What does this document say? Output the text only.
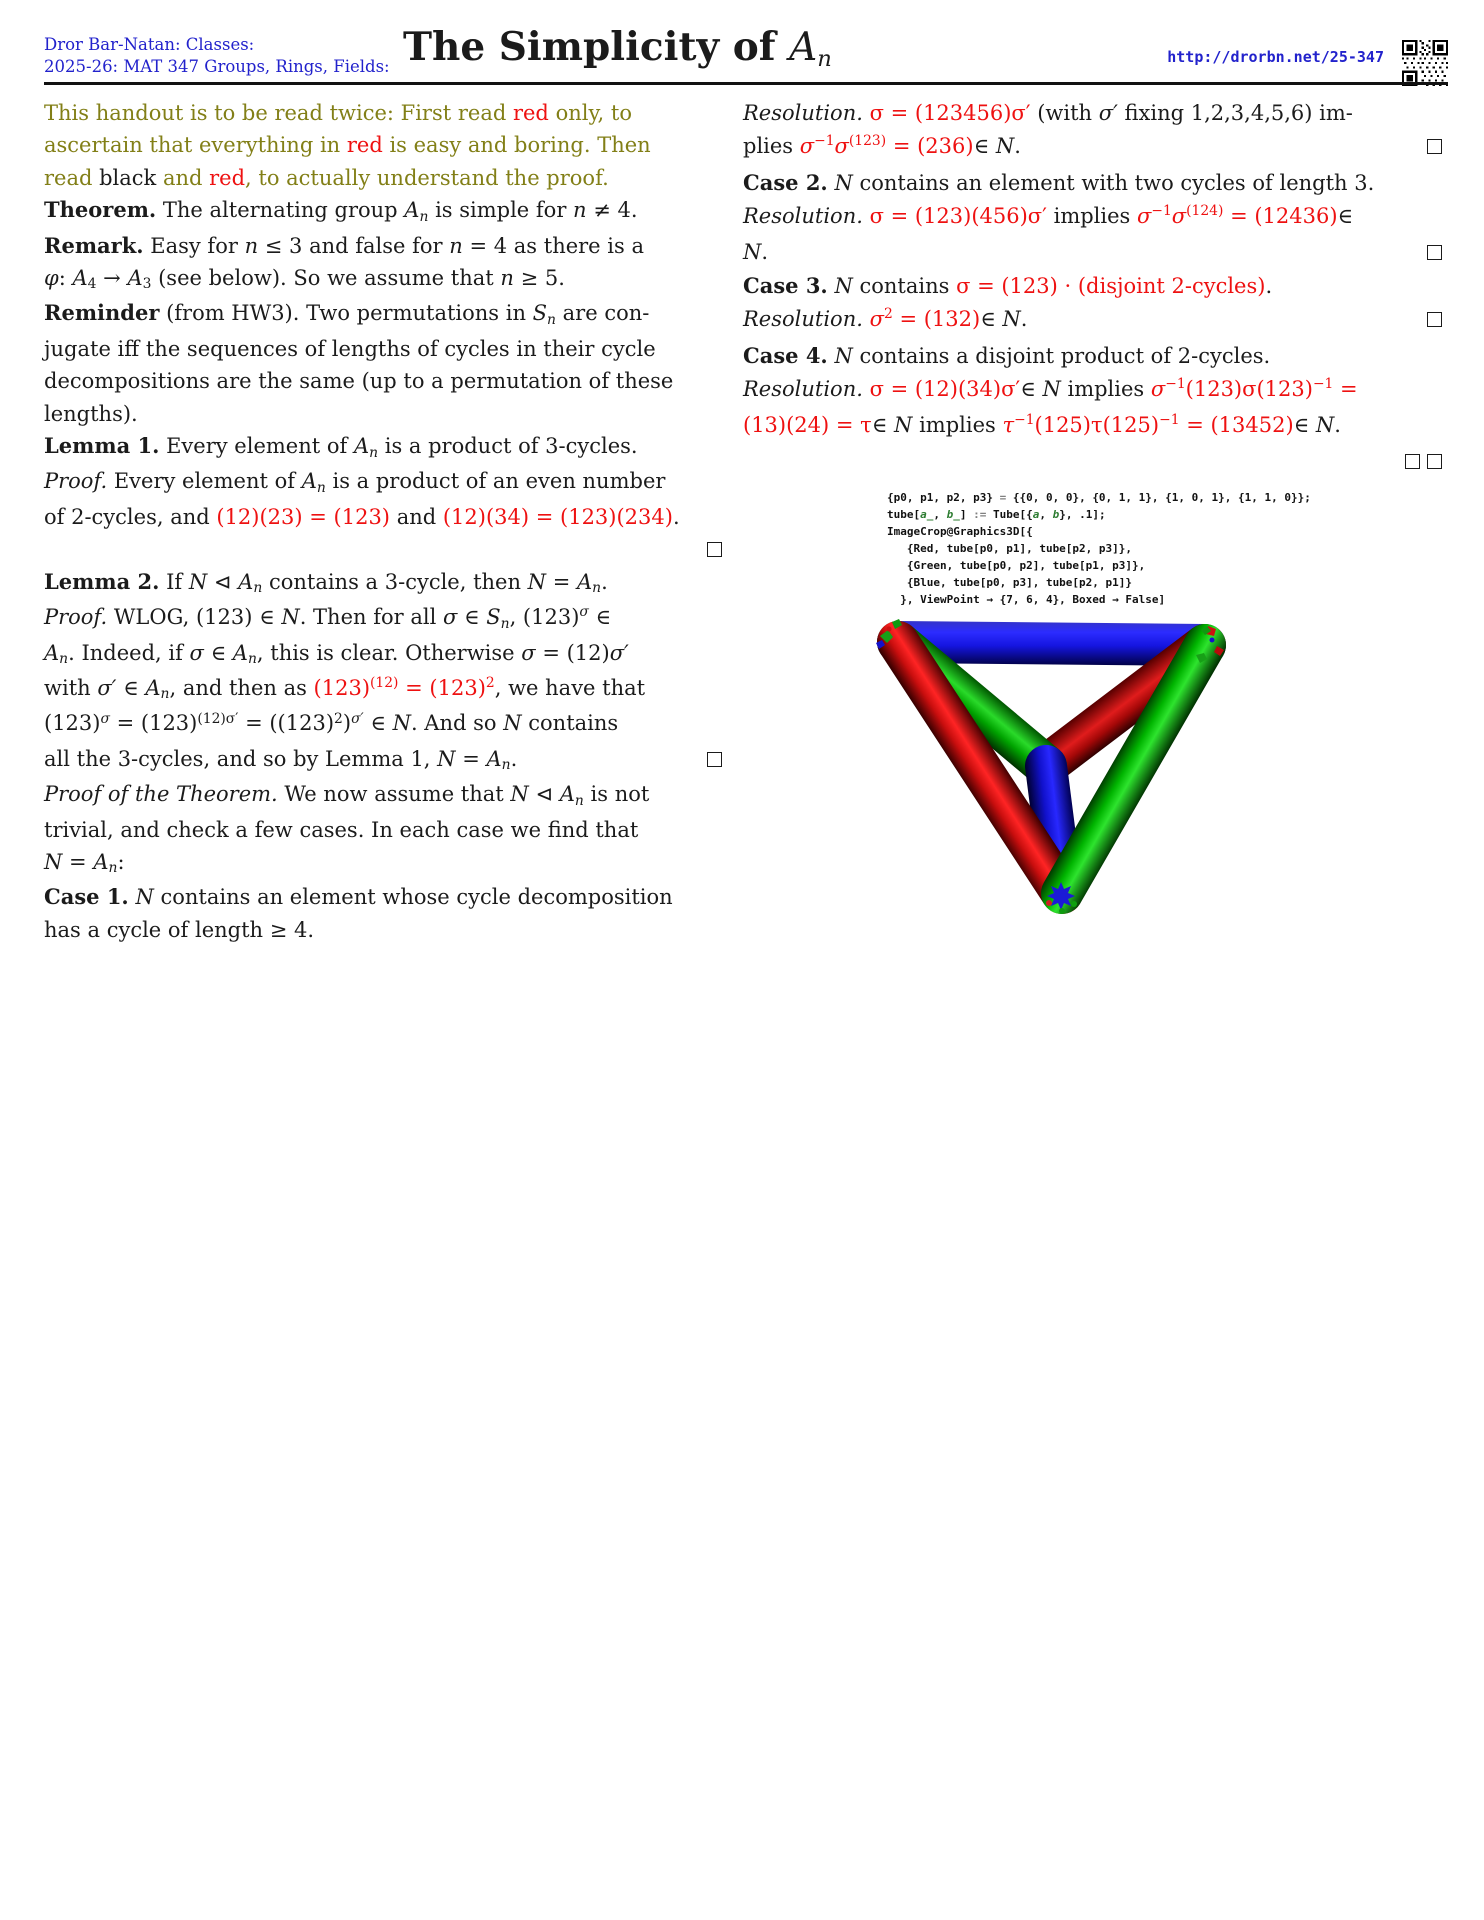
Dror Bar-Natan: Classes:
2025-26: MAT 347 Groups, Rings, Fields: The Simplicity of An	http://drorbn.net/25-347
This handout is to be read twice: First read red only, to
ascertain that everything in red is easy and boring. Then
read black and red, to actually understand the proof.
Theorem. The alternating group An is simple for n ≠ 4.
Remark. Easy for n ≤ 3 and false for n = 4 as there is a
φ: A4 → A3 (see below). So we assume that n ≥ 5.
Reminder (from HW3). Two permutations in Sn are con-
jugate iff the sequences of lengths of cycles in their cycle
decompositions are the same (up to a permutation of these
lengths).
Lemma 1. Every element of An is a product of 3-cycles.
Proof. Every element of An is a product of an even number
of 2-cycles, and (12)(23) = (123) and (12)(34) = (123)(234).

Lemma 2. If N ⊲ An contains a 3-cycle, then N = An.
Proof. WLOG, (123) ∈ N. Then for all σ ∈ Sn, $(123)^\sigma$ ∈
An. Indeed, if σ ∈ An, this is clear. Otherwise σ = (12)σ′
with σ′ ∈ An, and then as $(123)^{(12)} = (123)^2$, we have that
$(123)^\sigma = (123)^{(12)\sigma'} = ((123)^2)^{\sigma'}$ ∈ N. And so N contains
all the 3-cycles, and so by Lemma 1, N = An.
Proof of the Theorem. We now assume that N ⊲ An is not
trivial, and check a few cases. In each case we find that
N = An:
Case 1. N contains an element whose cycle decomposition
has a cycle of length ≥ 4.
Resolution. σ = (123456)σ′ (with σ′ fixing 1,2,3,4,5,6) im-
plies $\sigma^{-1}\sigma^{(123)}$ = (236)∈ N.
Case 2. N contains an element with two cycles of length 3.
Resolution. σ = (123)(456)σ′ implies $\sigma^{-1}\sigma^{(124)}$ = (12436)∈
N.
Case 3. N contains σ = (123) · (disjoint 2-cycles).
Resolution. $\sigma^2$ = (132)∈ N.
Case 4. N contains a disjoint product of 2-cycles.
Resolution. σ = (12)(34)σ′∈ N implies $\sigma^{-1}(123)\sigma(123)^{-1}$ =
(13)(24) = τ∈ N implies $\tau^{-1}(125)\tau(125)^{-1}$ = (13452)∈ N.

{p0, p1, p2, p3} = {{0, 0, 0}, {0, 1, 1}, {1, 0, 1}, {1, 1, 0}};
tube[a_, b_] := Tube[{a, b}, .1];
ImageCrop@Graphics3D[{
{Red, tube[p0, p1], tube[p2, p3]},
{Green, tube[p0, p2], tube[p1, p3]},
{Blue, tube[p0, p3], tube[p2, p1]}
}, ViewPoint → {7, 6, 4}, Boxed → False]
